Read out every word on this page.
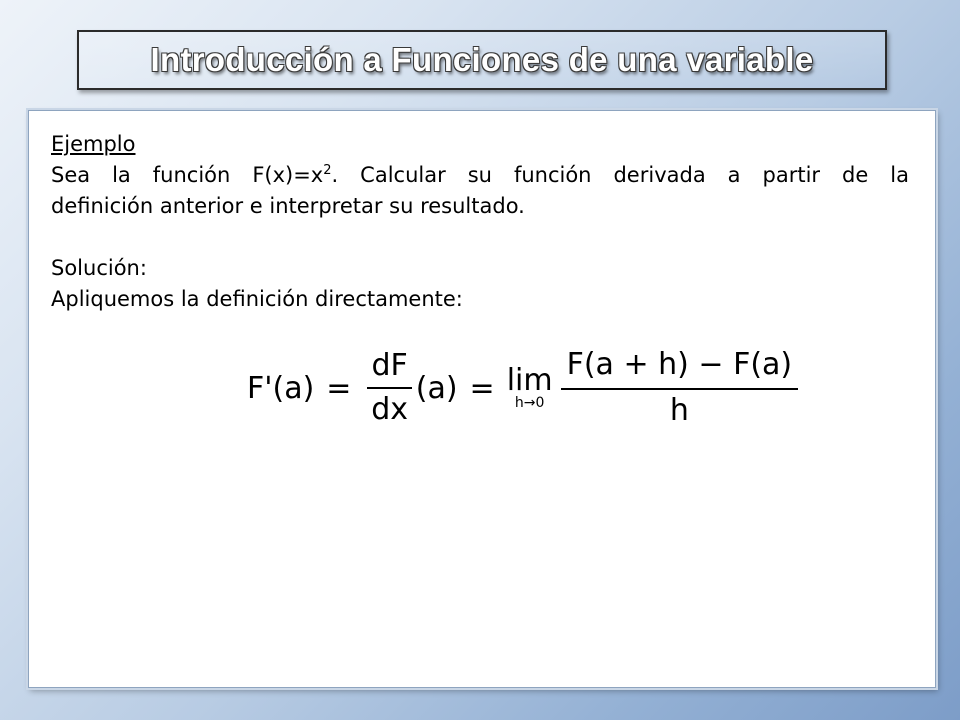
Introducción a Funciones de una variable
Ejemplo
Sea la función $F(x)=x^2$. Calcular su función derivada a partir de la
definición anterior e interpretar su resultado.
Solución:
Apliquemos la definición directamente:
$F'(a) = \frac{dF}{dx} (a) = \lim$
$h\to 0 \frac{F(a + h) - F(a)}{h}$
